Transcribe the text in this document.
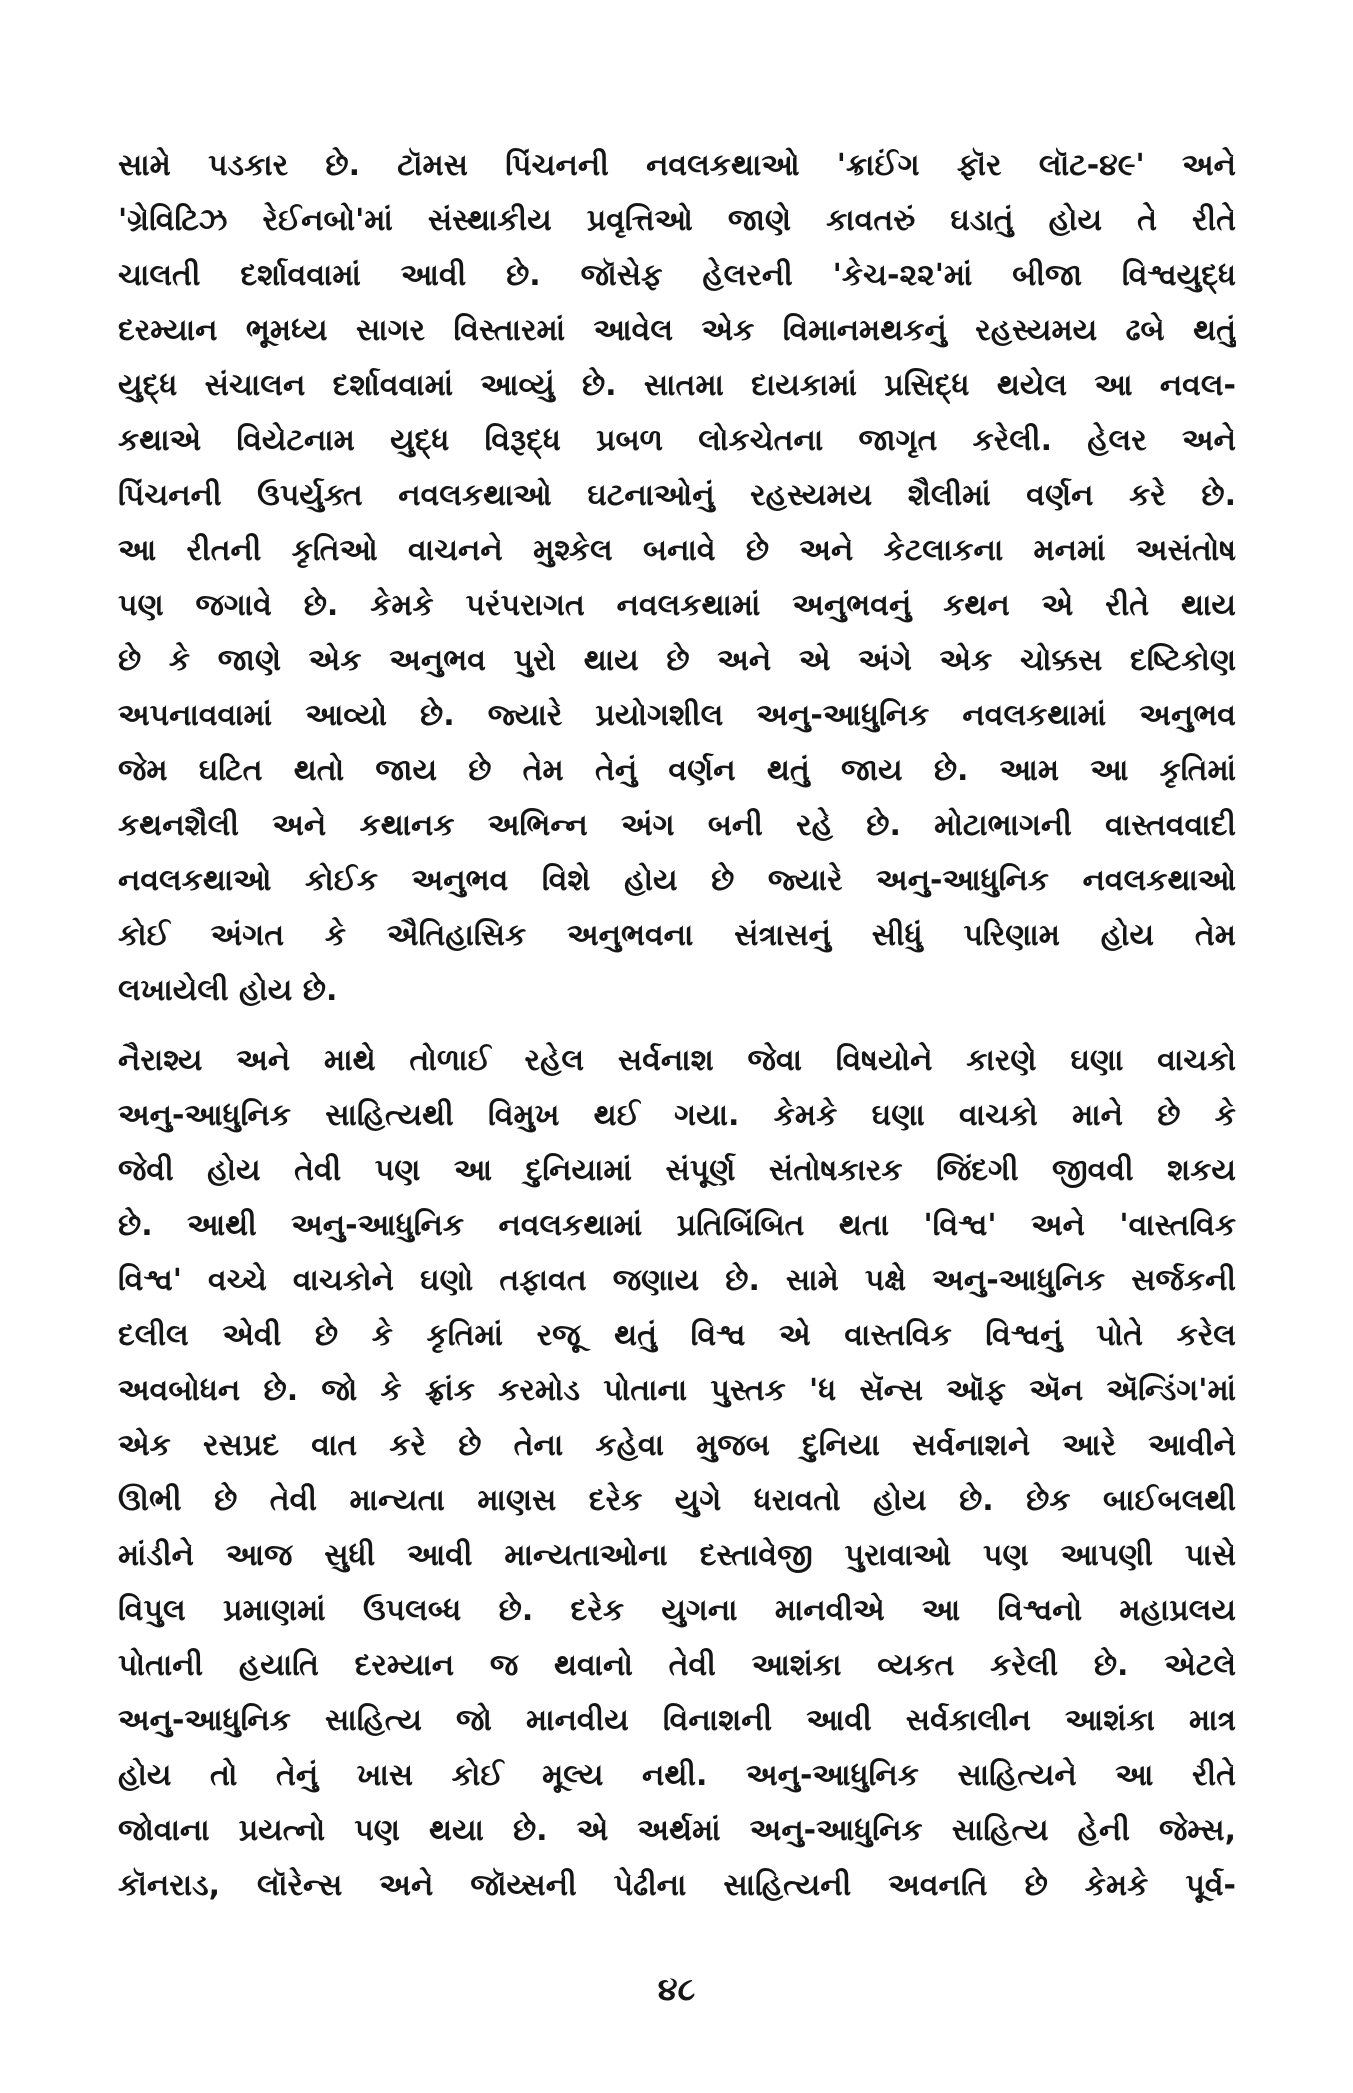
સામે પડકાર છે. ટૉમસ પિંચનની નવલકથાઓ 'ક્રાઈંગ ફૉર લૉટ-૪૯' અને
'ગ્રેવિટિઝ રેઈનબો'માં સંસ્થાકીય પ્રવૃત્તિઓ જાણે કાવતરું ઘડાતું હોય તે રીતે
ચાલતી દર્શાવવામાં આવી છે. જૉસેફ હેલરની 'કેચ-૨૨'માં બીજા વિશ્વયુદ્ધ
દરમ્યાન ભૂમધ્ય સાગર વિસ્તારમાં આવેલ એક વિમાનમથકનું રહસ્યમય ઢબે થતું
યુદ્ધ સંચાલન દર્શાવવામાં આવ્યું છે. સાતમા દાયકામાં પ્રસિદ્ધ થયેલ આ નવલ-
કથાએ વિયેટનામ યુદ્ધ વિરૂદ્ધ પ્રબળ લોકચેતના જાગૃત કરેલી. હેલર અને
પિંચનની ઉપર્યુક્ત નવલકથાઓ ઘટનાઓનું રહસ્યમય શૈલીમાં વર્ણન કરે છે.
આ રીતની કૃતિઓ વાચનને મુશ્કેલ બનાવે છે અને કેટલાકના મનમાં અસંતોષ
પણ જગાવે છે. કેમકે પરંપરાગત નવલકથામાં અનુભવનું કથન એ રીતે થાય
છે કે જાણે એક અનુભવ પુરો થાય છે અને એ અંગે એક ચોક્કસ દષ્ટિકોણ
અપનાવવામાં આવ્યો છે. જ્યારે પ્રયોગશીલ અનુ-આધુનિક નવલકથામાં અનુભવ
જેમ ઘટિત થતો જાય છે તેમ તેનું વર્ણન થતું જાય છે. આમ આ કૃતિમાં
કથનશૈલી અને કથાનક અભિન્ન અંગ બની રહે છે. મોટાભાગની વાસ્તવવાદી
નવલકથાઓ કોઈક અનુભવ વિશે હોય છે જ્યારે અનુ-આધુનિક નવલકથાઓ
કોઈ અંગત કે ઐતિહાસિક અનુભવના સંત્રાસનું સીધું પરિણામ હોય તેમ
લખાયેલી હોય છે.
નૈરાશ્ય અને માથે તોળાઈ રહેલ સર્વનાશ જેવા વિષયોને કારણે ઘણા વાચકો
અનુ-આધુનિક સાહિત્યથી વિમુખ થઈ ગયા. કેમકે ઘણા વાચકો માને છે કે
જેવી હોય તેવી પણ આ દુનિયામાં સંપૂર્ણ સંતોષકારક જિંદગી જીવવી શકય
છે. આથી અનુ-આધુનિક નવલકથામાં પ્રતિબિંબિત થતા 'વિશ્વ' અને 'વાસ્તવિક
વિશ્વ' વચ્ચે વાચકોને ઘણો તફાવત જણાય છે. સામે પક્ષે અનુ-આધુનિક સર્જકની
દલીલ એવી છે કે કૃતિમાં રજૂ થતું વિશ્વ એ વાસ્તવિક વિશ્વનું પોતે કરેલ
અવબોધન છે. જો કે ફ્રાંક કરમોડ પોતાના પુસ્તક 'ધ સૅન્સ ઑફ ઍન ઍન્ડિંગ'માં
એક રસપ્રદ વાત કરે છે તેના કહેવા મુજબ દુનિયા સર્વનાશને આરે આવીને
ઊભી છે તેવી માન્યતા માણસ દરેક યુગે ધરાવતો હોય છે. છેક બાઈબલથી
માંડીને આજ સુધી આવી માન્યતાઓના દસ્તાવેજી પુરાવાઓ પણ આપણી પાસે
વિપુલ પ્રમાણમાં ઉપલબ્ધ છે. દરેક યુગના માનવીએ આ વિશ્વનો મહાપ્રલય
પોતાની હયાતિ દરમ્યાન જ થવાનો તેવી આશંકા વ્યકત કરેલી છે. એટલે
અનુ-આધુનિક સાહિત્ય જો માનવીય વિનાશની આવી સર્વકાલીન આશંકા માત્ર
હોય તો તેનું ખાસ કોઈ મૂલ્ય નથી. અનુ-આધુનિક સાહિત્યને આ રીતે
જોવાના પ્રયત્નો પણ થયા છે. એ અર્થમાં અનુ-આધુનિક સાહિત્ય હેની જેમ્સ,
કૉનરાડ, લૉરેન્સ અને જૉય્સની પેઢીના સાહિત્યની અવનતિ છે કેમકે પૂર્વ-
૪૮
